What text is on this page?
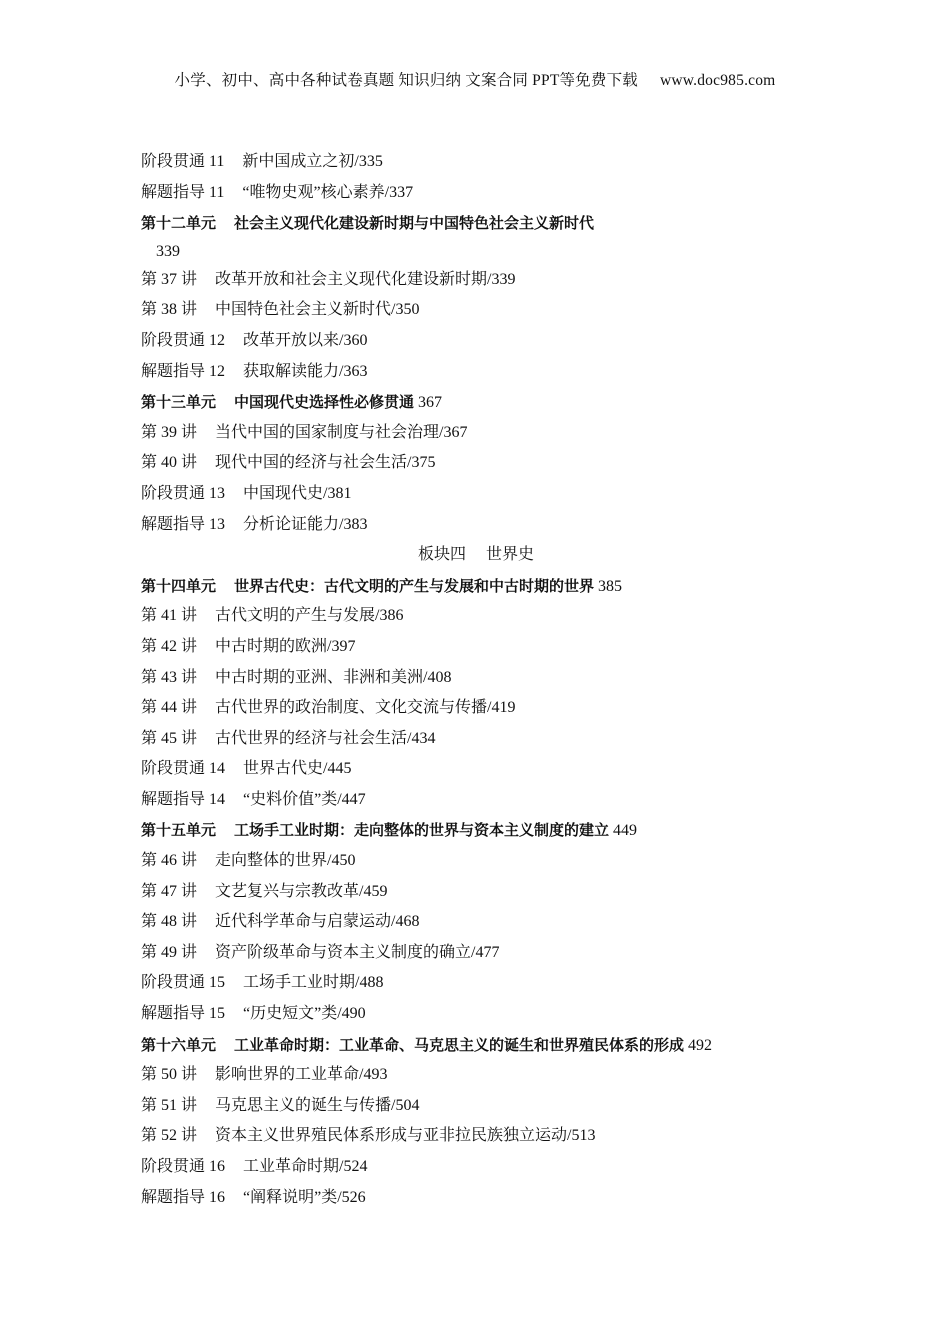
小学、初中、高中各种试卷真题 知识归纳 文案合同 PPT等免费下载 www.doc985.com
阶段贯通 11 新中国成立之初/335
解题指导 11 “唯物史观”核心素养/337
第十二单元 社会主义现代化建设新时期与中国特色社会主义新时代
339
第 37 讲 改革开放和社会主义现代化建设新时期/339
第 38 讲 中国特色社会主义新时代/350
阶段贯通 12 改革开放以来/360
解题指导 12 获取解读能力/363
第十三单元 中国现代史选择性必修贯通 367
第 39 讲 当代中国的国家制度与社会治理/367
第 40 讲 现代中国的经济与社会生活/375
阶段贯通 13 中国现代史/381
解题指导 13 分析论证能力/383
板块四 世界史
第十四单元 世界古代史：古代文明的产生与发展和中古时期的世界 385
第 41 讲 古代文明的产生与发展/386
第 42 讲 中古时期的欧洲/397
第 43 讲 中古时期的亚洲、非洲和美洲/408
第 44 讲 古代世界的政治制度、文化交流与传播/419
第 45 讲 古代世界的经济与社会生活/434
阶段贯通 14 世界古代史/445
解题指导 14 “史料价值”类/447
第十五单元 工场手工业时期：走向整体的世界与资本主义制度的建立 449
第 46 讲 走向整体的世界/450
第 47 讲 文艺复兴与宗教改革/459
第 48 讲 近代科学革命与启蒙运动/468
第 49 讲 资产阶级革命与资本主义制度的确立/477
阶段贯通 15 工场手工业时期/488
解题指导 15 “历史短文”类/490
第十六单元 工业革命时期：工业革命、马克思主义的诞生和世界殖民体系的形成 492
第 50 讲 影响世界的工业革命/493
第 51 讲 马克思主义的诞生与传播/504
第 52 讲 资本主义世界殖民体系形成与亚非拉民族独立运动/513
阶段贯通 16 工业革命时期/524
解题指导 16 “阐释说明”类/526
